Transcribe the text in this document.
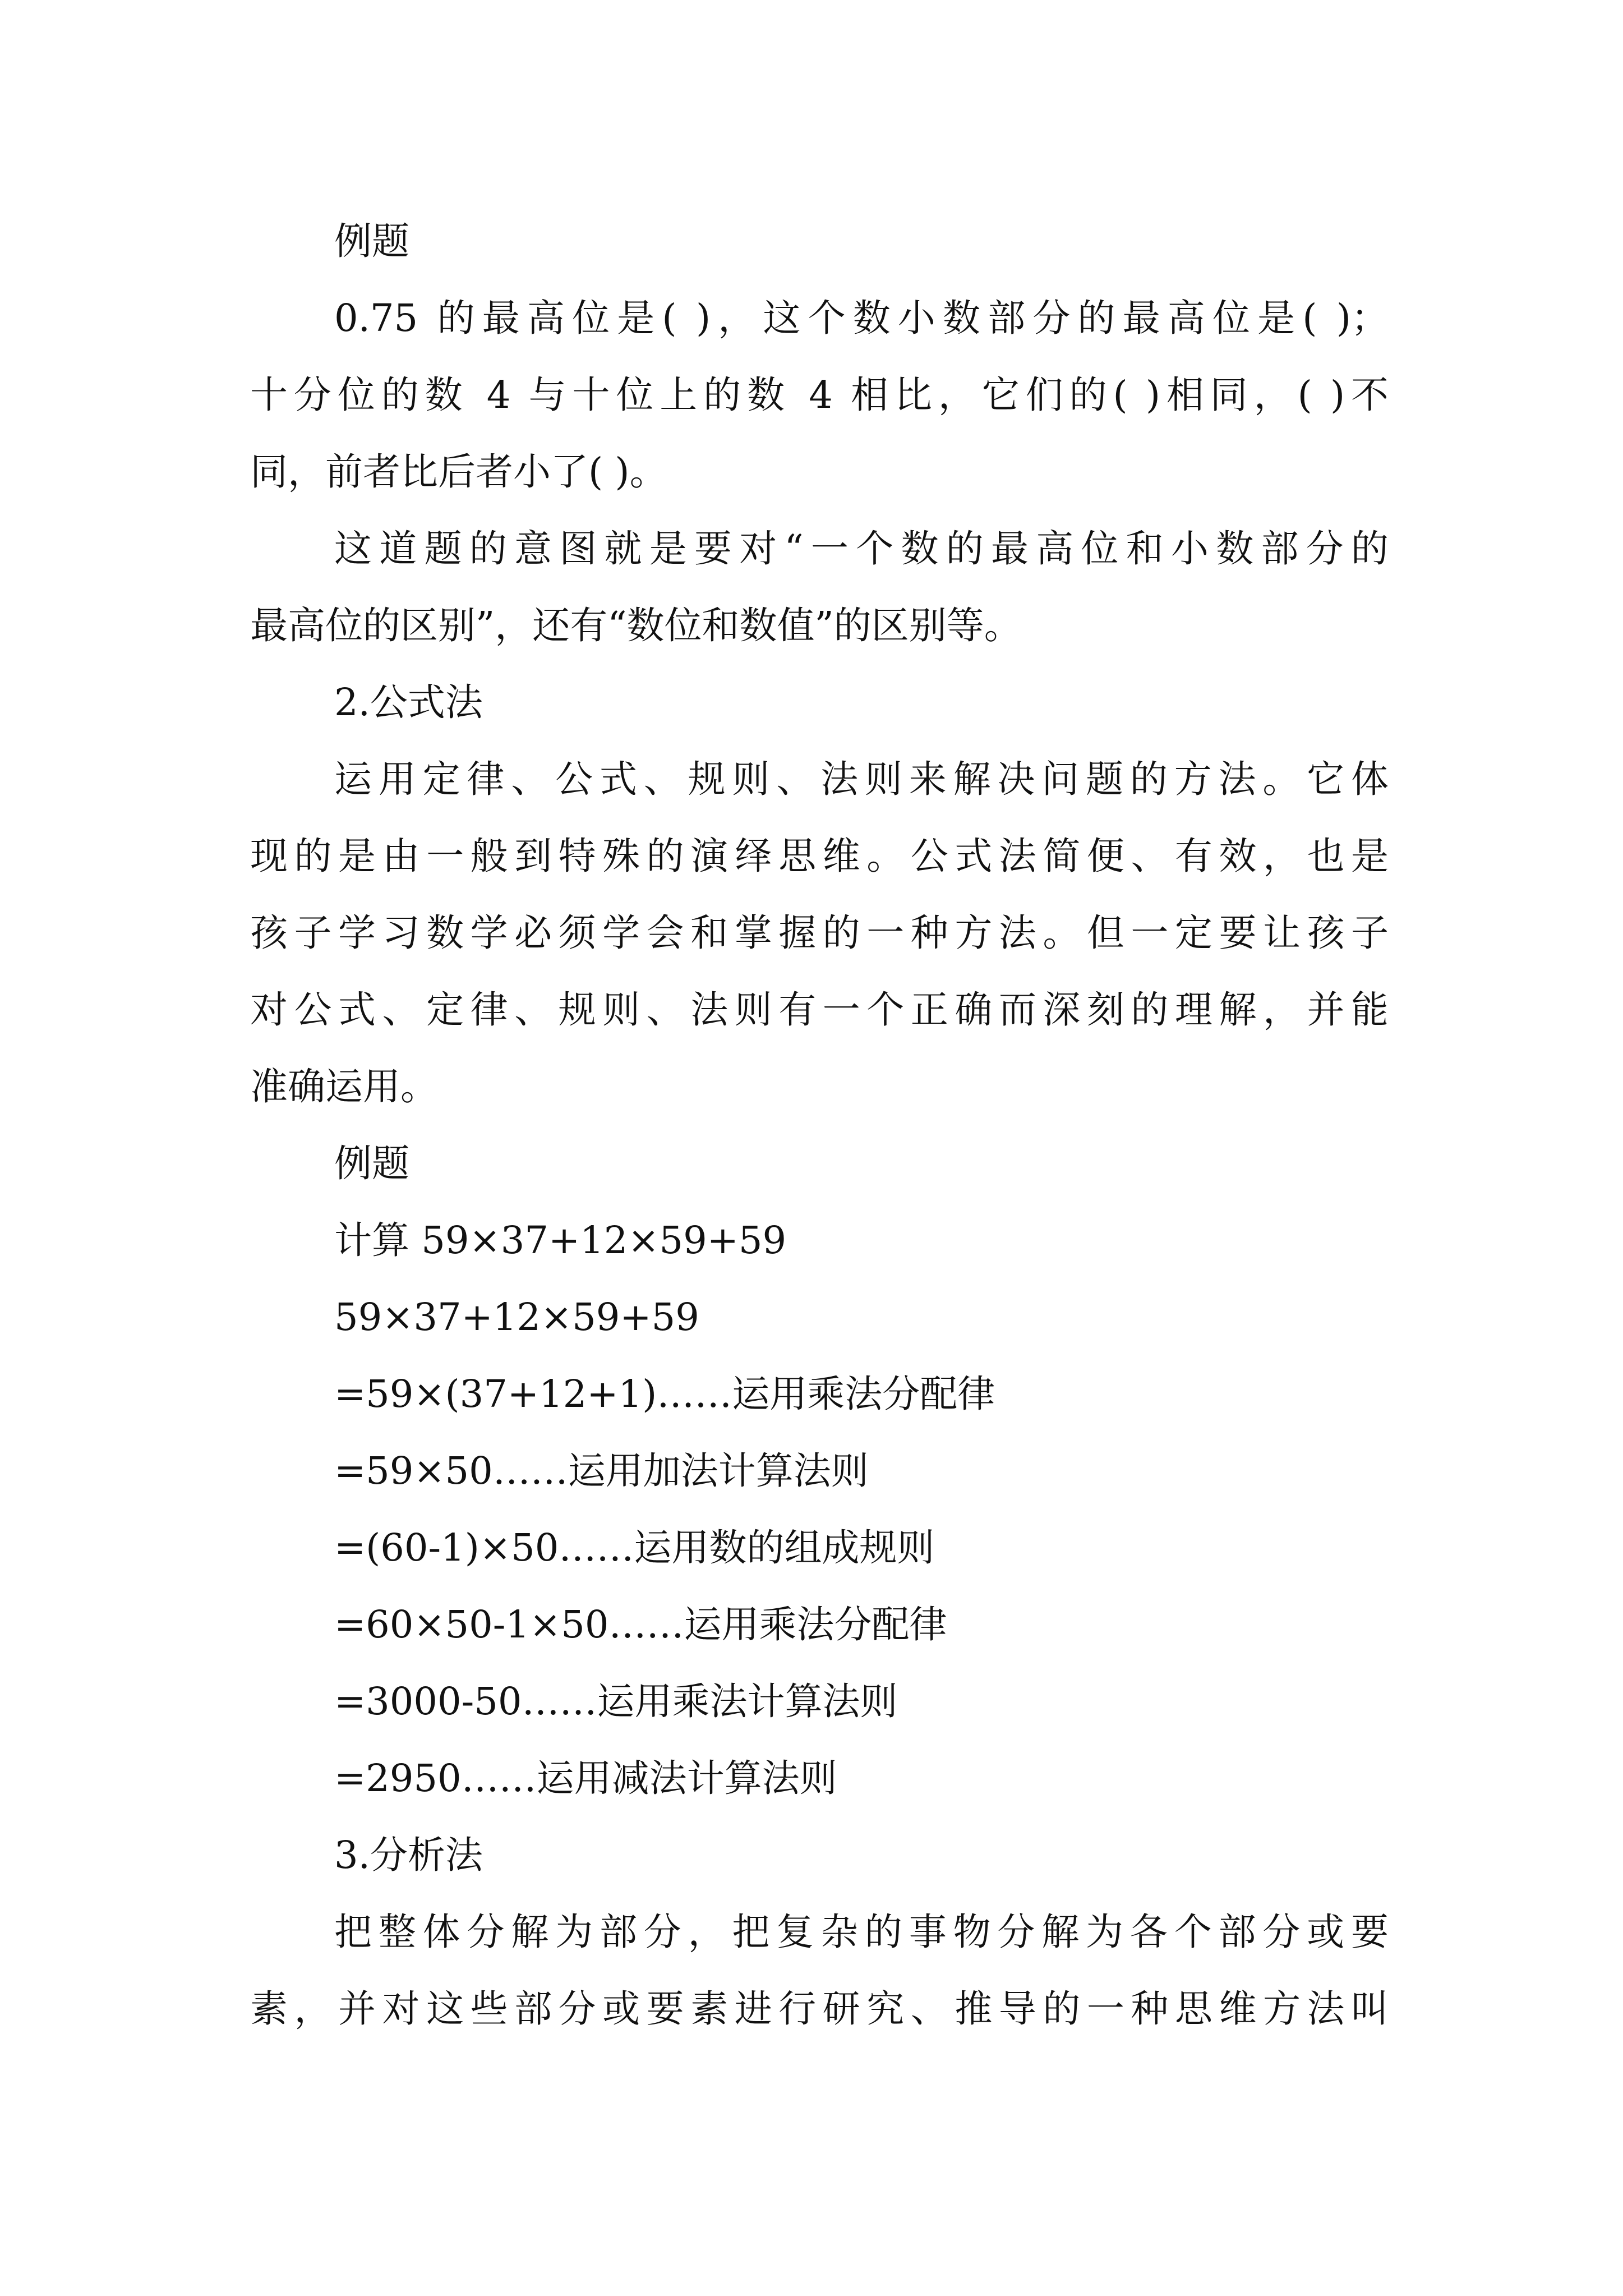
例题
0.75 的最高位是( )，这个数小数部分的最高位是( )；
十分位的数 4 与十位上的数 4 相比，它们的( )相同，( )不
同，前者比后者小了( )。
这道题的意图就是要对“一个数的最高位和小数部分的
最高位的区别”，还有“数位和数值”的区别等。
2.公式法
运用定律、公式、规则、法则来解决问题的方法。它体
现的是由一般到特殊的演绎思维。公式法简便、有效，也是
孩子学习数学必须学会和掌握的一种方法。但一定要让孩子
对公式、定律、规则、法则有一个正确而深刻的理解，并能
准确运用。
例题
计算 59×37+12×59+59
59×37+12×59+59
=59×(37+12+1)……运用乘法分配律
=59×50……运用加法计算法则
=(60-1)×50……运用数的组成规则
=60×50-1×50……运用乘法分配律
=3000-50……运用乘法计算法则
=2950……运用减法计算法则
3.分析法
把整体分解为部分，把复杂的事物分解为各个部分或要
素，并对这些部分或要素进行研究、推导的一种思维方法叫
